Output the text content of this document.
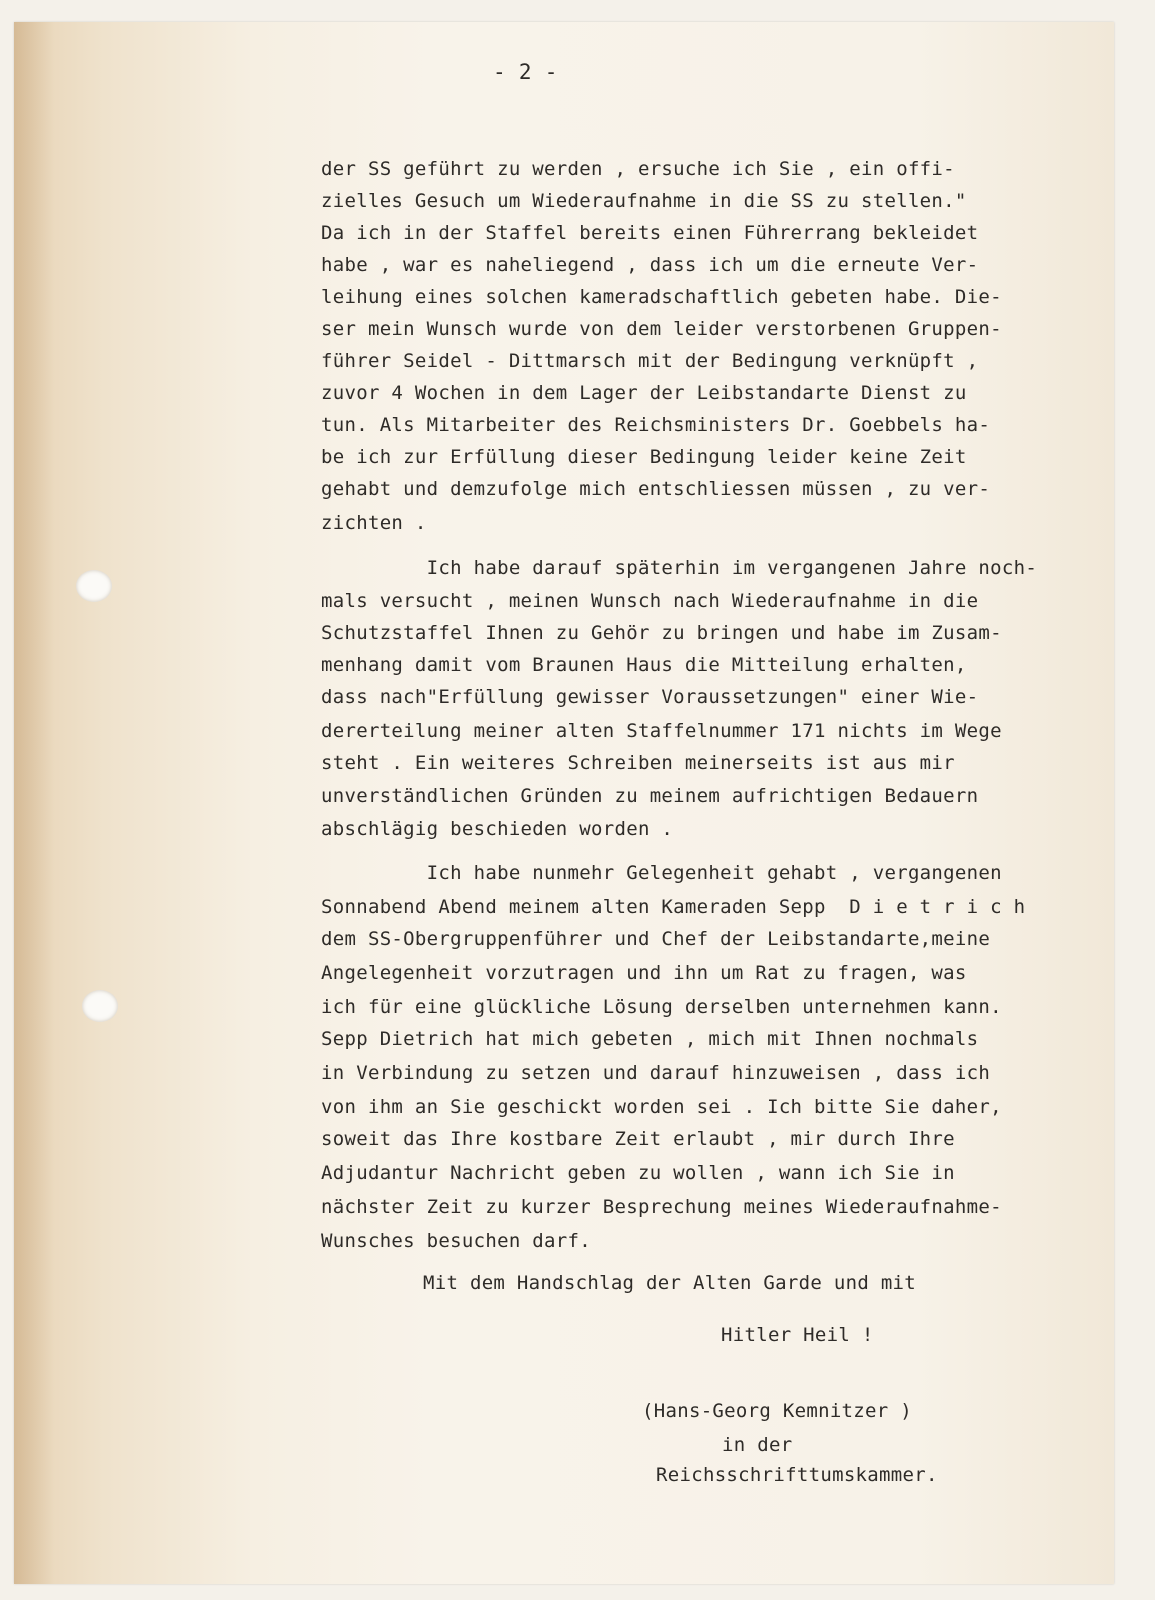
- 2 -
der SS geführt zu werden , ersuche ich Sie , ein offi-
zielles Gesuch um Wiederaufnahme in die SS zu stellen."
Da ich in der Staffel bereits einen Führerrang bekleidet
habe , war es naheliegend , dass ich um die erneute Ver-
leihung eines solchen kameradschaftlich gebeten habe. Die-
ser mein Wunsch wurde von dem leider verstorbenen Gruppen-
führer Seidel - Dittmarsch mit der Bedingung verknüpft ,
zuvor 4 Wochen in dem Lager der Leibstandarte Dienst zu
tun. Als Mitarbeiter des Reichsministers Dr. Goebbels ha-
be ich zur Erfüllung dieser Bedingung leider keine Zeit
gehabt und demzufolge mich entschliessen müssen , zu ver-
zichten .
Ich habe darauf späterhin im vergangenen Jahre noch-
mals versucht , meinen Wunsch nach Wiederaufnahme in die
Schutzstaffel Ihnen zu Gehör zu bringen und habe im Zusam-
menhang damit vom Braunen Haus die Mitteilung erhalten,
dass nach"Erfüllung gewisser Voraussetzungen" einer Wie-
dererteilung meiner alten Staffelnummer 171 nichts im Wege
steht . Ein weiteres Schreiben meinerseits ist aus mir
unverständlichen Gründen zu meinem aufrichtigen Bedauern
abschlägig beschieden worden .
Ich habe nunmehr Gelegenheit gehabt , vergangenen
Sonnabend Abend meinem alten Kameraden Sepp  D i e t r i c h
dem SS-Obergruppenführer und Chef der Leibstandarte,meine
Angelegenheit vorzutragen und ihn um Rat zu fragen, was
ich für eine glückliche Lösung derselben unternehmen kann.
Sepp Dietrich hat mich gebeten , mich mit Ihnen nochmals
in Verbindung zu setzen und darauf hinzuweisen , dass ich
von ihm an Sie geschickt worden sei . Ich bitte Sie daher,
soweit das Ihre kostbare Zeit erlaubt , mir durch Ihre
Adjudantur Nachricht geben zu wollen , wann ich Sie in
nächster Zeit zu kurzer Besprechung meines Wiederaufnahme-
Wunsches besuchen darf.
Mit dem Handschlag der Alten Garde und mit
Hitler Heil !
(Hans-Georg Kemnitzer )
in der
Reichsschrifttumskammer.
